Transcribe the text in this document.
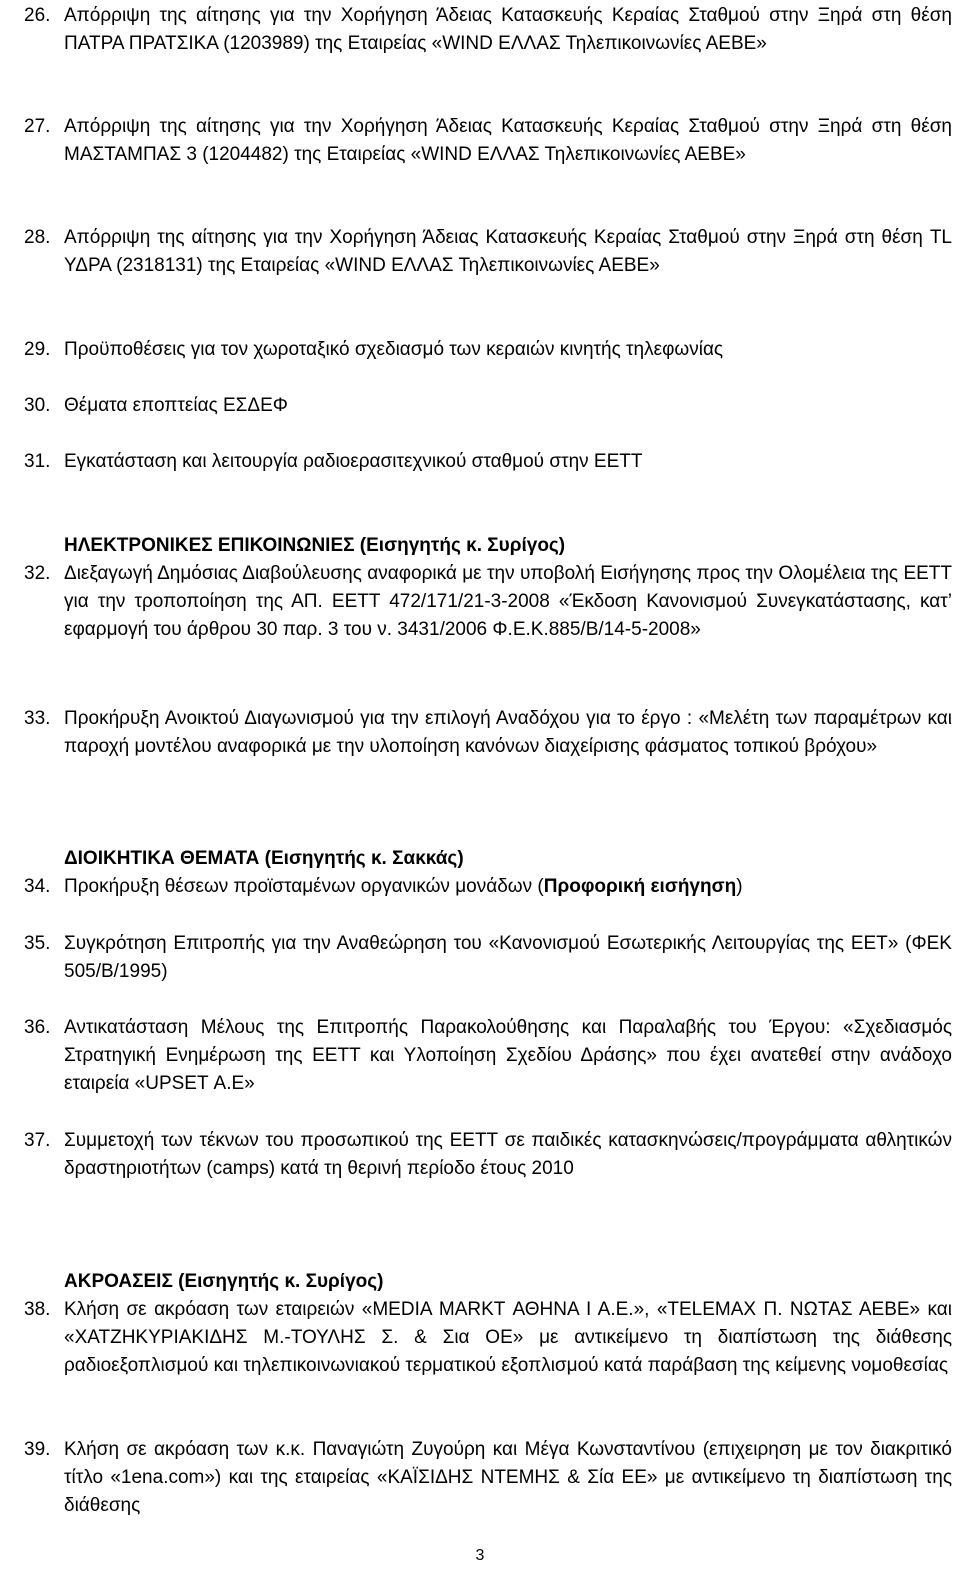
26. Απόρριψη της αίτησης για την Χορήγηση Άδειας Κατασκευής Κεραίας Σταθμού στην Ξηρά στη θέση ΠΑΤΡΑ ΠΡΑΤΣΙΚΑ (1203989) της Εταιρείας «WIND ΕΛΛΑΣ Τηλεπικοινωνίες ΑΕΒΕ»
27. Απόρριψη της αίτησης για την Χορήγηση Άδειας Κατασκευής Κεραίας Σταθμού στην Ξηρά στη θέση ΜΑΣΤΑΜΠΑΣ 3 (1204482) της Εταιρείας «WIND ΕΛΛΑΣ Τηλεπικοινωνίες ΑΕΒΕ»
28. Απόρριψη της αίτησης για την Χορήγηση Άδειας Κατασκευής Κεραίας Σταθμού στην Ξηρά στη θέση TL ΥΔΡΑ (2318131) της Εταιρείας «WIND ΕΛΛΑΣ Τηλεπικοινωνίες ΑΕΒΕ»
29. Προϋποθέσεις για τον χωροταξικό σχεδιασμό των κεραιών κινητής τηλεφωνίας
30. Θέματα εποπτείας ΕΣΔΕΦ
31. Εγκατάσταση και λειτουργία ραδιοερασιτεχνικού σταθμού στην ΕΕΤΤ
ΗΛΕΚΤΡΟΝΙΚΕΣ ΕΠΙΚΟΙΝΩΝΙΕΣ (Εισηγητής κ. Συρίγος)
32. Διεξαγωγή Δημόσιας Διαβούλευσης αναφορικά με την υποβολή Εισήγησης προς την Ολομέλεια της ΕΕΤΤ για την τροποποίηση της ΑΠ. ΕΕΤΤ 472/171/21-3-2008 «Έκδοση Κανονισμού Συνεγκατάστασης, κατ’ εφαρμογή του άρθρου 30 παρ. 3 του ν. 3431/2006 Φ.Ε.Κ.885/Β/14-5-2008»
33. Προκήρυξη Ανοικτού Διαγωνισμού για την επιλογή Αναδόχου για το έργο : «Μελέτη των παραμέτρων και παροχή μοντέλου αναφορικά με την υλοποίηση κανόνων διαχείρισης φάσματος τοπικού βρόχου»
ΔΙΟΙΚΗΤΙΚΑ ΘΕΜΑΤΑ (Εισηγητής κ. Σακκάς)
34. Προκήρυξη θέσεων προϊσταμένων οργανικών μονάδων (Προφορική εισήγηση)
35. Συγκρότηση Επιτροπής για την Αναθεώρηση του «Κανονισμού Εσωτερικής Λειτουργίας της ΕΕΤ» (ΦΕΚ 505/Β/1995)
36. Αντικατάσταση Μέλους της Επιτροπής Παρακολούθησης και Παραλαβής του Έργου: «Σχεδιασμός Στρατηγική Ενημέρωση της ΕΕΤΤ και Υλοποίηση Σχεδίου Δράσης» που έχει ανατεθεί στην ανάδοχο εταιρεία «UPSET Α.Ε»
37. Συμμετοχή των τέκνων του προσωπικού της ΕΕΤΤ σε παιδικές κατασκηνώσεις/προγράμματα αθλητικών δραστηριοτήτων (camps) κατά τη θερινή περίοδο έτους 2010
ΑΚΡΟΑΣΕΙΣ (Εισηγητής κ. Συρίγος)
38. Κλήση σε ακρόαση των εταιρειών «MEDIA MARKT ΑΘΗΝΑ Ι Α.Ε.», «TELEMAX Π. ΝΩΤΑΣ ΑΕΒΕ» και «ΧΑΤΖΗΚΥΡΙΑΚΙΔΗΣ Μ.-ΤΟΥΛΗΣ Σ. & Σια ΟΕ» με αντικείμενο τη διαπίστωση της διάθεσης ραδιοεξοπλισμού και τηλεπικοινωνιακού τερματικού εξοπλισμού κατά παράβαση της κείμενης νομοθεσίας
39. Κλήση σε ακρόαση των κ.κ. Παναγιώτη Ζυγούρη και Μέγα Κωνσταντίνου (επιχειρηση με τον διακριτικό τίτλο «1ena.com») και της εταιρείας «ΚΑΪΣΙΔΗΣ ΝΤΕΜΗΣ & Σία ΕΕ» με αντικείμενο τη διαπίστωση της διάθεσης
3
